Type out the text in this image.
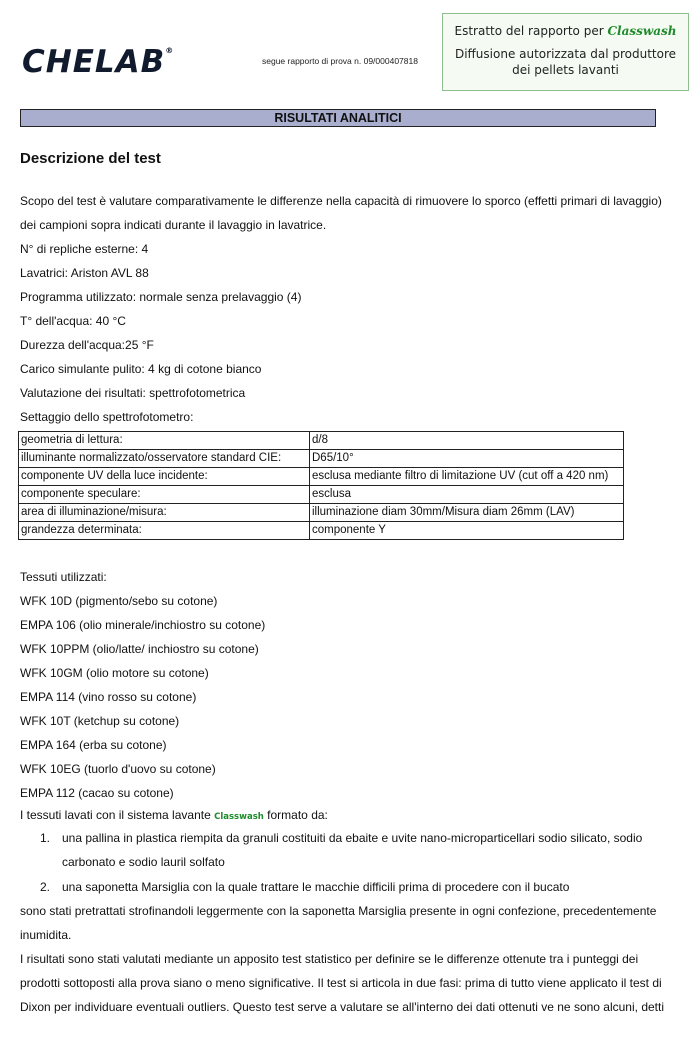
CHELAB®
segue rapporto di prova n. 09/000407818
Estratto del rapporto per Classwash
Diffusione autorizzata dal produttore
dei pellets lavanti
RISULTATI ANALITICI
Descrizione del test
Scopo del test è valutare comparativamente le differenze nella capacità di rimuovere lo sporco (effetti primari di lavaggio)
dei campioni sopra indicati durante il lavaggio in lavatrice.
N° di repliche esterne: 4
Lavatrici: Ariston AVL 88
Programma utilizzato: normale senza prelavaggio (4)
T° dell'acqua: 40 °C
Durezza dell'acqua:25 °F
Carico simulante pulito: 4 kg di cotone bianco
Valutazione dei risultati: spettrofotometrica
Settaggio dello spettrofotometro:
geometria di lettura:	d/8
illuminante normalizzato/osservatore standard CIE:	D65/10°
componente UV della luce incidente:	esclusa mediante filtro di limitazione UV (cut off a 420 nm)
componente speculare:	esclusa
area di illuminazione/misura:	illuminazione diam 30mm/Misura diam 26mm (LAV)
grandezza determinata:	componente Y
Tessuti utilizzati:
WFK 10D (pigmento/sebo su cotone)
EMPA 106 (olio minerale/inchiostro su cotone)
WFK 10PPM (olio/latte/ inchiostro su cotone)
WFK 10GM (olio motore su cotone)
EMPA 114 (vino rosso su cotone)
WFK 10T (ketchup su cotone)
EMPA 164 (erba su cotone)
WFK 10EG (tuorlo d'uovo su cotone)
EMPA 112 (cacao su cotone)
I tessuti lavati con il sistema lavante Classwash formato da:
1. una pallina in plastica riempita da granuli costituiti da ebaite e uvite nano-microparticellari sodio silicato, sodio
carbonato e sodio lauril solfato
2. una saponetta Marsiglia con la quale trattare le macchie difficili prima di procedere con il bucato
sono stati pretrattati strofinandoli leggermente con la saponetta Marsiglia presente in ogni confezione, precedentemente
inumidita.
I risultati sono stati valutati mediante un apposito test statistico per definire se le differenze ottenute tra i punteggi dei
prodotti sottoposti alla prova siano o meno significative. Il test si articola in due fasi: prima di tutto viene applicato il test di
Dixon per individuare eventuali outliers. Questo test serve a valutare se all'interno dei dati ottenuti ve ne sono alcuni, detti
